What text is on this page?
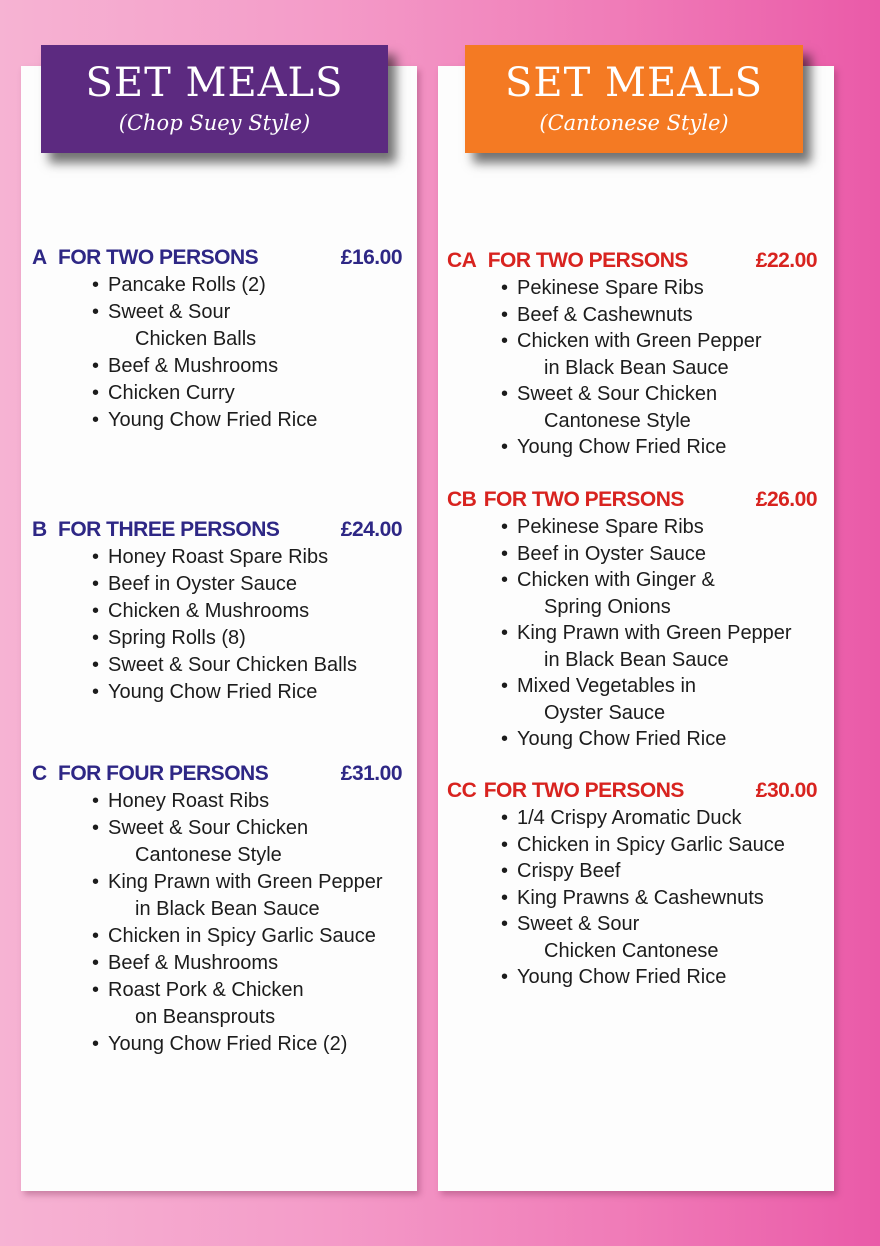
SET MEALS
(Chop Suey Style)
SET MEALS
(Cantonese Style)
A FOR TWO PERSONS	£16.00
• Pancake Rolls (2)
• Sweet & Sour
Chicken Balls
• Beef & Mushrooms
• Chicken Curry
• Young Chow Fried Rice
B FOR THREE PERSONS	£24.00
• Honey Roast Spare Ribs
• Beef in Oyster Sauce
• Chicken & Mushrooms
• Spring Rolls (8)
• Sweet & Sour Chicken Balls
• Young Chow Fried Rice
C FOR FOUR PERSONS	£31.00
• Honey Roast Ribs
• Sweet & Sour Chicken
Cantonese Style
• King Prawn with Green Pepper
in Black Bean Sauce
• Chicken in Spicy Garlic Sauce
• Beef & Mushrooms
• Roast Pork & Chicken
on Beansprouts
• Young Chow Fried Rice (2)
CA FOR TWO PERSONS	£22.00
• Pekinese Spare Ribs
• Beef & Cashewnuts
• Chicken with Green Pepper
in Black Bean Sauce
• Sweet & Sour Chicken
Cantonese Style
• Young Chow Fried Rice
CB FOR TWO PERSONS	£26.00
• Pekinese Spare Ribs
• Beef in Oyster Sauce
• Chicken with Ginger &
Spring Onions
• King Prawn with Green Pepper
in Black Bean Sauce
• Mixed Vegetables in
Oyster Sauce
• Young Chow Fried Rice
CC FOR TWO PERSONS	£30.00
• 1/4 Crispy Aromatic Duck
• Chicken in Spicy Garlic Sauce
• Crispy Beef
• King Prawns & Cashewnuts
• Sweet & Sour
Chicken Cantonese
• Young Chow Fried Rice
